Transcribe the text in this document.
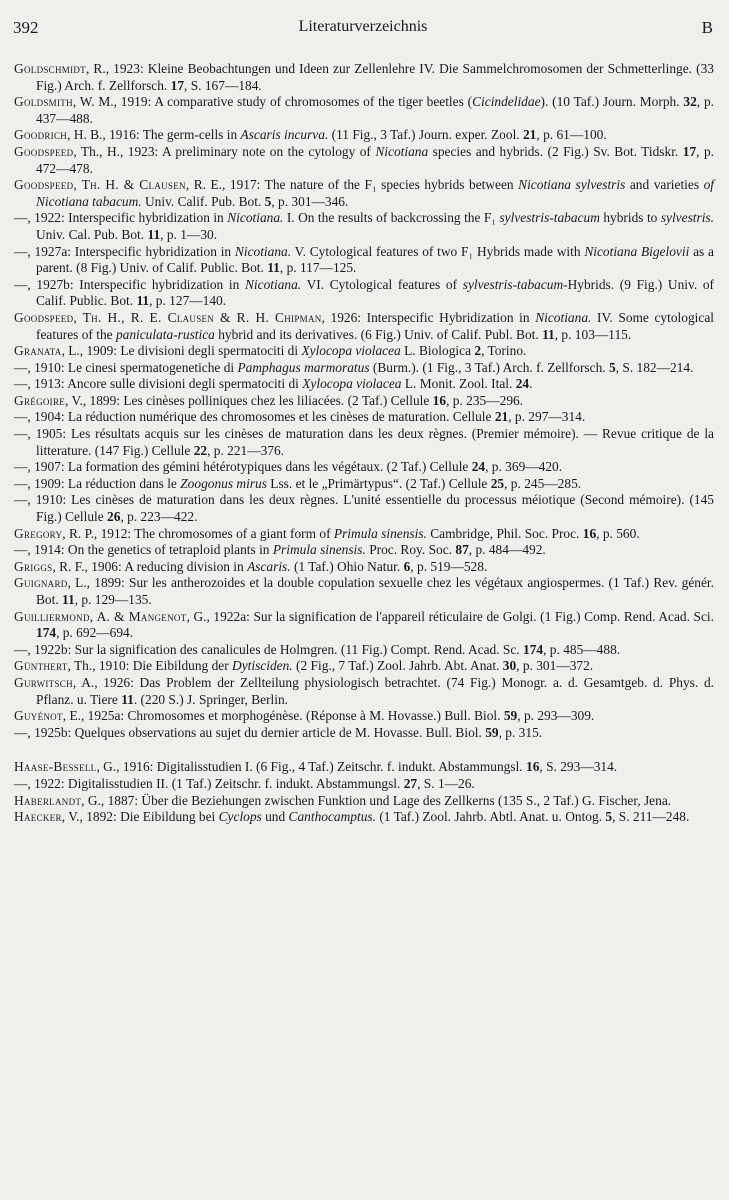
392	Literaturverzeichnis	B

Goldschmidt, R., 1923: Kleine Beobachtungen und Ideen zur Zellenlehre IV. Die Sammelchromosomen der Schmetterlinge. (33 Fig.) Arch. f. Zellforsch. 17, S. 167—184.

Goldsmith, W. M., 1919: A comparative study of chromosomes of the tiger beetles (Cicindelidae). (10 Taf.) Journ. Morph. 32, p. 437—488.

Goodrich, H. B., 1916: The germ-cells in Ascaris incurva. (11 Fig., 3 Taf.) Journ. exper. Zool. 21, p. 61—100.

Goodspeed, Th., H., 1923: A preliminary note on the cytology of Nicotiana species and hybrids. (2 Fig.) Sv. Bot. Tidskr. 17, p. 472—478.

Goodspeed, Th. H. & Clausen, R. E., 1917: The nature of the F₁ species hybrids between Nicotiana sylvestris and varieties of Nicotiana tabacum. Univ. Calif. Pub. Bot. 5, p. 301—346.

—, 1922: Interspecific hybridization in Nicotiana. I. On the results of backcrossing the F₁ sylvestris-tabacum hybrids to sylvestris. Univ. Cal. Pub. Bot. 11, p. 1—30.

—, 1927a: Interspecific hybridization in Nicotiana. V. Cytological features of two F₁ Hybrids made with Nicotiana Bigelovii as a parent. (8 Fig.) Univ. of Calif. Public. Bot. 11, p. 117—125.

—, 1927b: Interspecific hybridization in Nicotiana. VI. Cytological features of sylvestris-tabacum-Hybrids. (9 Fig.) Univ. of Calif. Public. Bot. 11, p. 127—140.

Goodspeed, Th. H., R. E. Clausen & R. H. Chipman, 1926: Interspecific Hybridization in Nicotiana. IV. Some cytological features of the paniculata-rustica hybrid and its derivatives. (6 Fig.) Univ. of Calif. Publ. Bot. 11, p. 103—115.

Granata, L., 1909: Le divisioni degli spermatociti di Xylocopa violacea L. Biologica 2, Torino.

—, 1910: Le cinesi spermatogenetiche di Pamphagus marmoratus (Burm.). (1 Fig., 3 Taf.) Arch. f. Zellforsch. 5, S. 182—214.

—, 1913: Ancore sulle divisioni degli spermatociti di Xylocopa violacea L. Monit. Zool. Ital. 24.

Grégoire, V., 1899: Les cinèses polliniques chez les liliacées. (2 Taf.) Cellule 16, p. 235—296.

—, 1904: La réduction numérique des chromosomes et les cinèses de maturation. Cellule 21, p. 297—314.

—, 1905: Les résultats acquis sur les cinèses de maturation dans les deux règnes. (Premier mémoire). — Revue critique de la litterature. (147 Fig.) Cellule 22, p. 221—376.

—, 1907: La formation des gémini hétérotypiques dans les végétaux. (2 Taf.) Cellule 24, p. 369—420.

—, 1909: La réduction dans le Zoogonus mirus Lss. et le „Primärtypus“. (2 Taf.) Cellule 25, p. 245—285.

—, 1910: Les cinèses de maturation dans les deux règnes. L'unité essentielle du processus méiotique (Second mémoire). (145 Fig.) Cellule 26, p. 223—422.

Gregory, R. P., 1912: The chromosomes of a giant form of Primula sinensis. Cambridge, Phil. Soc. Proc. 16, p. 560.

—, 1914: On the genetics of tetraploid plants in Primula sinensis. Proc. Roy. Soc. 87, p. 484—492.

Griggs, R. F., 1906: A reducing division in Ascaris. (1 Taf.) Ohio Natur. 6, p. 519—528.

Guignard, L., 1899: Sur les antherozoides et la double copulation sexuelle chez les végétaux angiospermes. (1 Taf.) Rev. génér. Bot. 11, p. 129—135.

Guilliermond, A. & Mangenot, G., 1922a: Sur la signification de l'appareil réticulaire de Golgi. (1 Fig.) Comp. Rend. Acad. Sci. 174, p. 692—694.

—, 1922b: Sur la signification des canalicules de Holmgren. (11 Fig.) Compt. Rend. Acad. Sc. 174, p. 485—488.

Günthert, Th., 1910: Die Eibildung der Dytisciden. (2 Fig., 7 Taf.) Zool. Jahrb. Abt. Anat. 30, p. 301—372.

Gurwitsch, A., 1926: Das Problem der Zellteilung physiologisch betrachtet. (74 Fig.) Monogr. a. d. Gesamtgeb. d. Phys. d. Pflanz. u. Tiere 11. (220 S.) J. Springer, Berlin.

Guyénot, E., 1925a: Chromosomes et morphogénèse. (Réponse à M. Hovasse.) Bull. Biol. 59, p. 293—309.

—, 1925b: Quelques observations au sujet du dernier article de M. Hovasse. Bull. Biol. 59, p. 315.

Haase-Bessell, G., 1916: Digitalisstudien I. (6 Fig., 4 Taf.) Zeitschr. f. indukt. Abstammungsl. 16, S. 293—314.

—, 1922: Digitalisstudien II. (1 Taf.) Zeitschr. f. indukt. Abstammungsl. 27, S. 1—26.

Haberlandt, G., 1887: Über die Beziehungen zwischen Funktion und Lage des Zellkerns (135 S., 2 Taf.) G. Fischer, Jena.

Haecker, V., 1892: Die Eibildung bei Cyclops und Canthocamptus. (1 Taf.) Zool. Jahrb. Abtl. Anat. u. Ontog. 5, S. 211—248.
